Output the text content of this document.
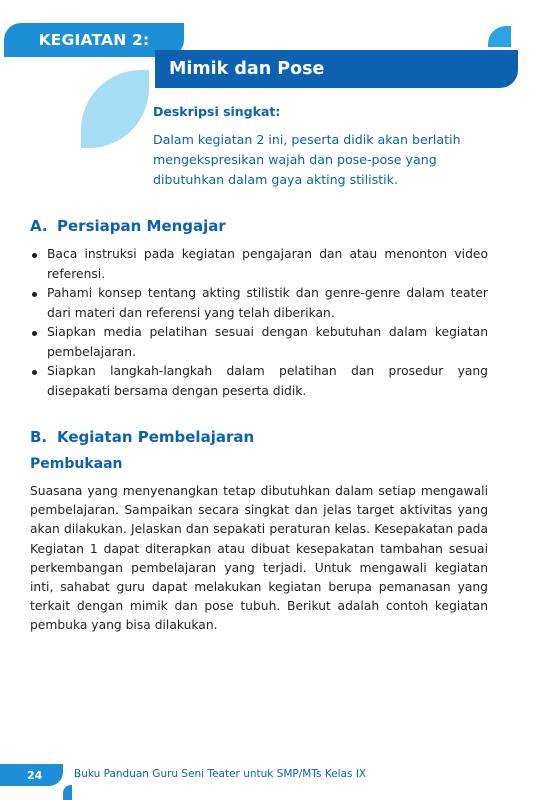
KEGIATAN 2:
Mimik dan Pose
Deskripsi singkat:
Dalam kegiatan 2 ini, peserta didik akan berlatih mengekspresikan wajah dan pose-pose yang dibutuhkan dalam gaya akting stilistik.
A. Persiapan Mengajar
Baca instruksi pada kegiatan pengajaran dan atau menonton video referensi.
Pahami konsep tentang akting stilistik dan genre-genre dalam teater dari materi dan referensi yang telah diberikan.
Siapkan media pelatihan sesuai dengan kebutuhan dalam kegiatan pembelajaran.
Siapkan langkah-langkah dalam pelatihan dan prosedur yang disepakati bersama dengan peserta didik.
B. Kegiatan Pembelajaran
Pembukaan
Suasana yang menyenangkan tetap dibutuhkan dalam setiap mengawali pembelajaran. Sampaikan secara singkat dan jelas target aktivitas yang akan dilakukan. Jelaskan dan sepakati peraturan kelas. Kesepakatan pada Kegiatan 1 dapat diterapkan atau dibuat kesepakatan tambahan sesuai perkembangan pembelajaran yang terjadi. Untuk mengawali kegiatan inti, sahabat guru dapat melakukan kegiatan berupa pemanasan yang terkait dengan mimik dan pose tubuh. Berikut adalah contoh kegiatan pembuka yang bisa dilakukan.
24	Buku Panduan Guru Seni Teater untuk SMP/MTs Kelas IX
